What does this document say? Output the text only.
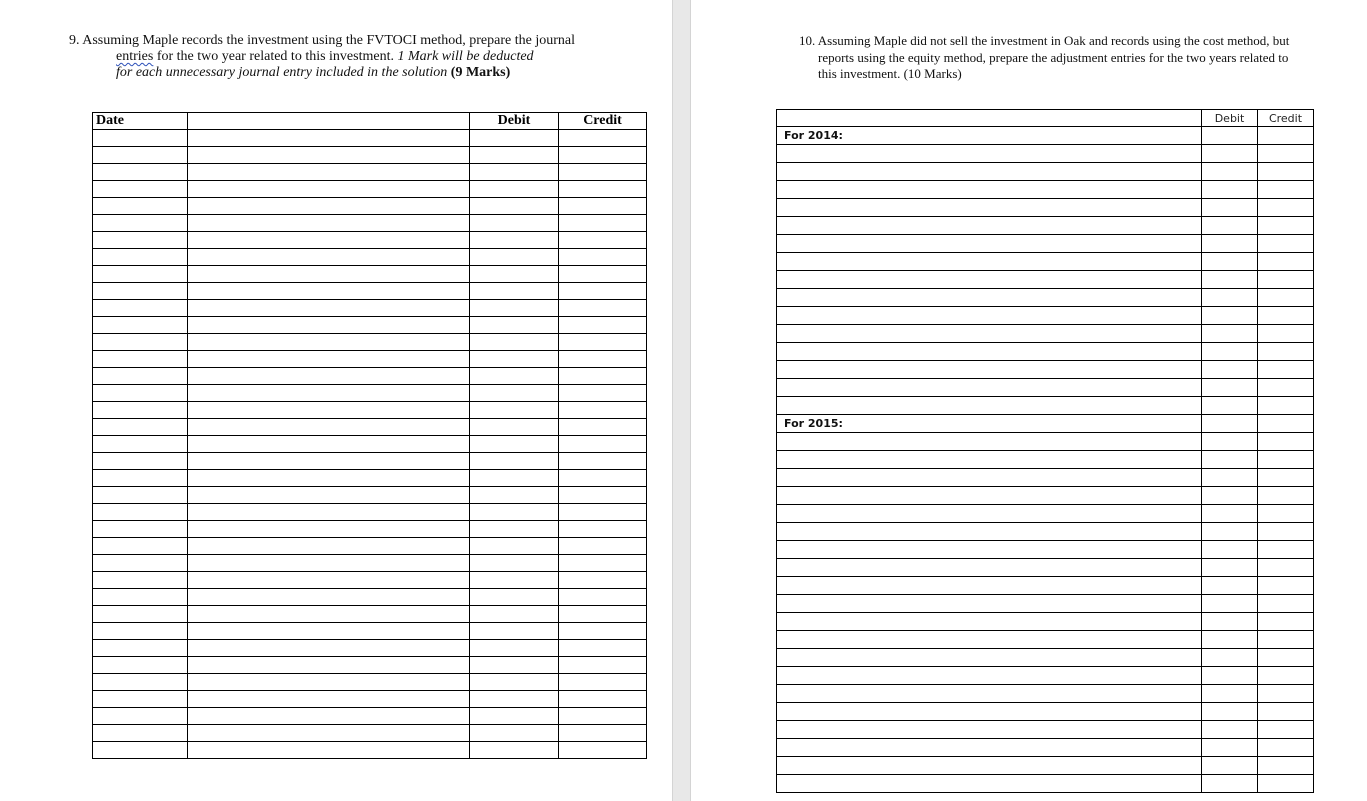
9. Assuming Maple records the investment using the FVTOCI method, prepare the journal
entries for the two year related to this investment. 1 Mark will be deducted
for each unnecessary journal entry included in the solution (9 Marks)
Date		Debit	Credit

10. Assuming Maple did not sell the investment in Oak and records using the cost method, but
reports using the equity method, prepare the adjustment entries for the two years related to
this investment. (10 Marks)
	Debit	Credit
For 2014:		

For 2015:		
